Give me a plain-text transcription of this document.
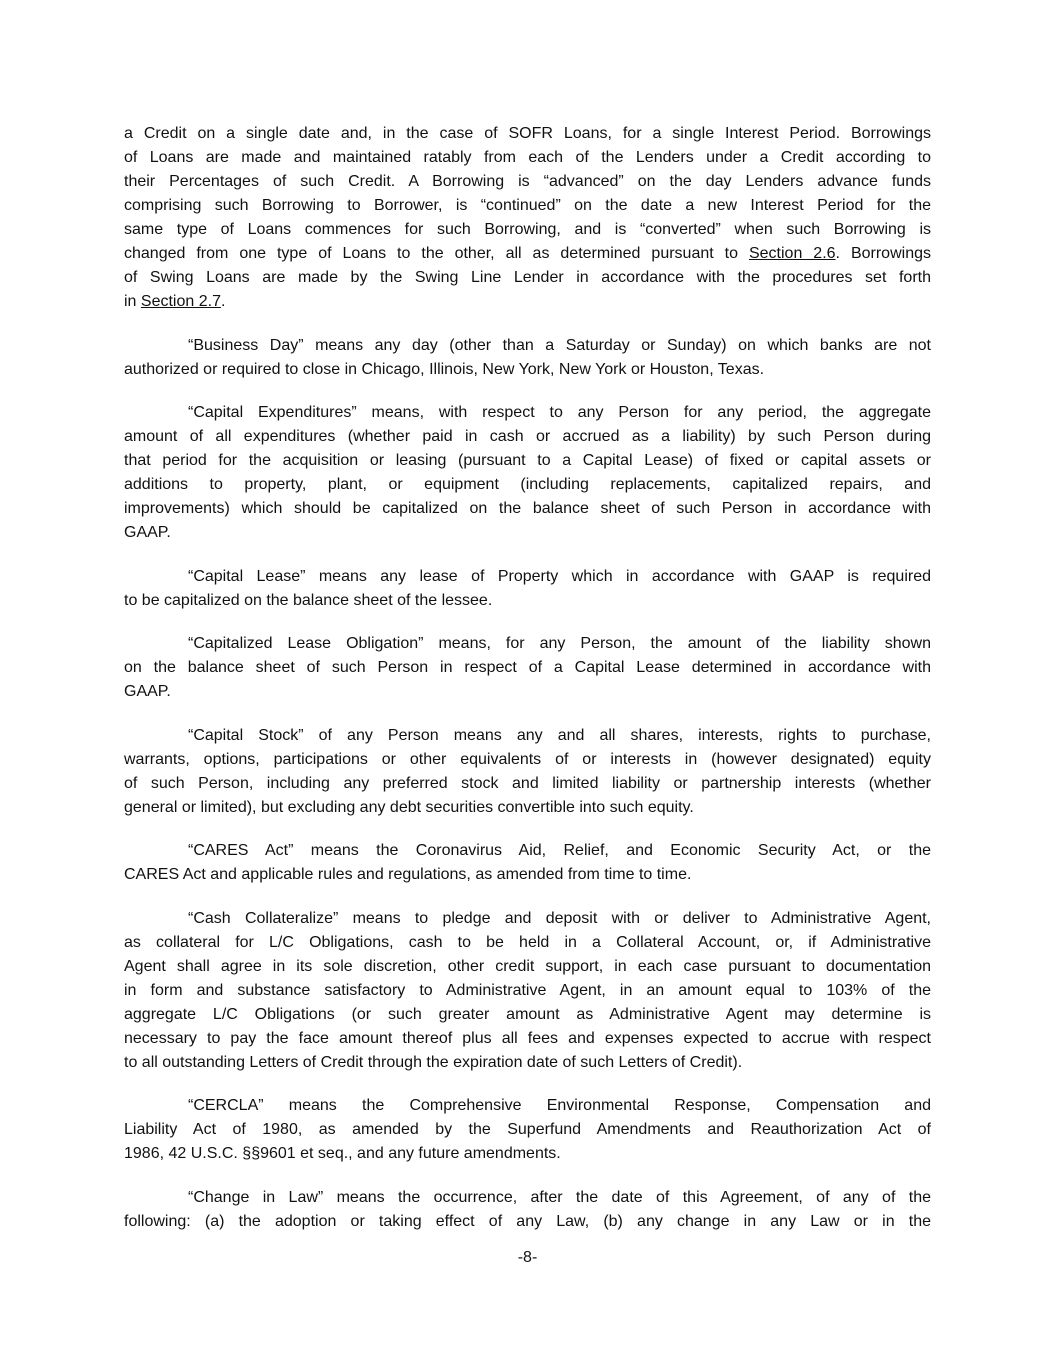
a Credit on a single date and, in the case of SOFR Loans, for a single Interest Period. Borrowings
of Loans are made and maintained ratably from each of the Lenders under a Credit according to
their Percentages of such Credit. A Borrowing is “advanced” on the day Lenders advance funds
comprising such Borrowing to Borrower, is “continued” on the date a new Interest Period for the
same type of Loans commences for such Borrowing, and is “converted” when such Borrowing is
changed from one type of Loans to the other, all as determined pursuant to Section 2.6. Borrowings
of Swing Loans are made by the Swing Line Lender in accordance with the procedures set forth
in Section 2.7.
“Business Day” means any day (other than a Saturday or Sunday) on which banks are not
authorized or required to close in Chicago, Illinois, New York, New York or Houston, Texas.
“Capital Expenditures” means, with respect to any Person for any period, the aggregate
amount of all expenditures (whether paid in cash or accrued as a liability) by such Person during
that period for the acquisition or leasing (pursuant to a Capital Lease) of fixed or capital assets or
additions to property, plant, or equipment (including replacements, capitalized repairs, and
improvements) which should be capitalized on the balance sheet of such Person in accordance with
GAAP.
“Capital Lease” means any lease of Property which in accordance with GAAP is required
to be capitalized on the balance sheet of the lessee.
“Capitalized Lease Obligation” means, for any Person, the amount of the liability shown
on the balance sheet of such Person in respect of a Capital Lease determined in accordance with
GAAP.
“Capital Stock” of any Person means any and all shares, interests, rights to purchase,
warrants, options, participations or other equivalents of or interests in (however designated) equity
of such Person, including any preferred stock and limited liability or partnership interests (whether
general or limited), but excluding any debt securities convertible into such equity.
“CARES Act” means the Coronavirus Aid, Relief, and Economic Security Act, or the
CARES Act and applicable rules and regulations, as amended from time to time.
“Cash Collateralize” means to pledge and deposit with or deliver to Administrative Agent,
as collateral for L/C Obligations, cash to be held in a Collateral Account, or, if Administrative
Agent shall agree in its sole discretion, other credit support, in each case pursuant to documentation
in form and substance satisfactory to Administrative Agent, in an amount equal to 103% of the
aggregate L/C Obligations (or such greater amount as Administrative Agent may determine is
necessary to pay the face amount thereof plus all fees and expenses expected to accrue with respect
to all outstanding Letters of Credit through the expiration date of such Letters of Credit).
“CERCLA” means the Comprehensive Environmental Response, Compensation and
Liability Act of 1980, as amended by the Superfund Amendments and Reauthorization Act of
1986, 42 U.S.C. §§9601 et seq., and any future amendments.
“Change in Law” means the occurrence, after the date of this Agreement, of any of the
following: (a) the adoption or taking effect of any Law, (b) any change in any Law or in the
-8-
